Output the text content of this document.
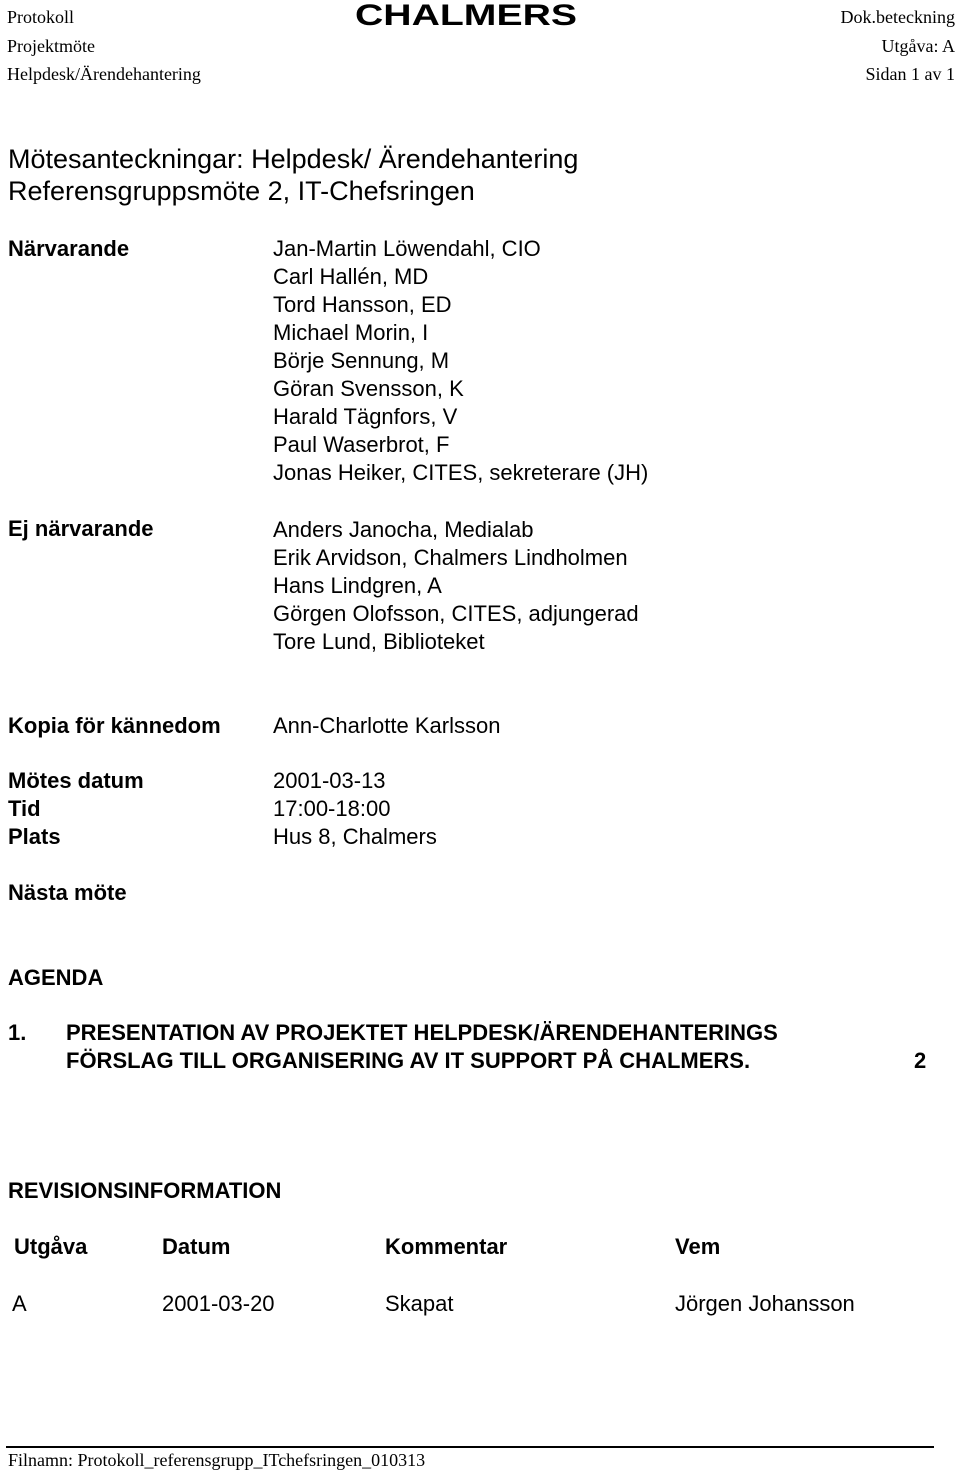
Protokoll
Projektmöte
Helpdesk/Ärendehantering
Dok.beteckning
Utgåva: A
Sidan 1 av 1
CHALMERS
Mötesanteckningar: Helpdesk/ Ärendehantering
Referensgruppsmöte 2, IT-Chefsringen
Närvarande	Jan-Martin Löwendahl, CIO
Carl Hallén, MD
Tord Hansson, ED
Michael Morin, I
Börje Sennung, M
Göran Svensson, K
Harald Tägnfors, V
Paul Waserbrot, F
Jonas Heiker, CITES, sekreterare (JH)
Ej närvarande	Anders Janocha, Medialab
Erik Arvidson, Chalmers Lindholmen
Hans Lindgren, A
Görgen Olofsson, CITES, adjungerad
Tore Lund, Biblioteket
Kopia för kännedom Ann-Charlotte Karlsson
Mötes datum	2001-03-13
Tid	17:00-18:00
Plats	Hus 8, Chalmers
Nästa möte
AGENDA
1. PRESENTATION AV PROJEKTET HELPDESK/ÄRENDEHANTERINGS
FÖRSLAG TILL ORGANISERING AV IT SUPPORT PÅ CHALMERS.	2
REVISIONSINFORMATION
Utgåva	Datum	Kommentar	Vem
A	2001-03-20	Skapat	Jörgen Johansson
Filnamn: Protokoll_referensgrupp_ITchefsringen_010313
